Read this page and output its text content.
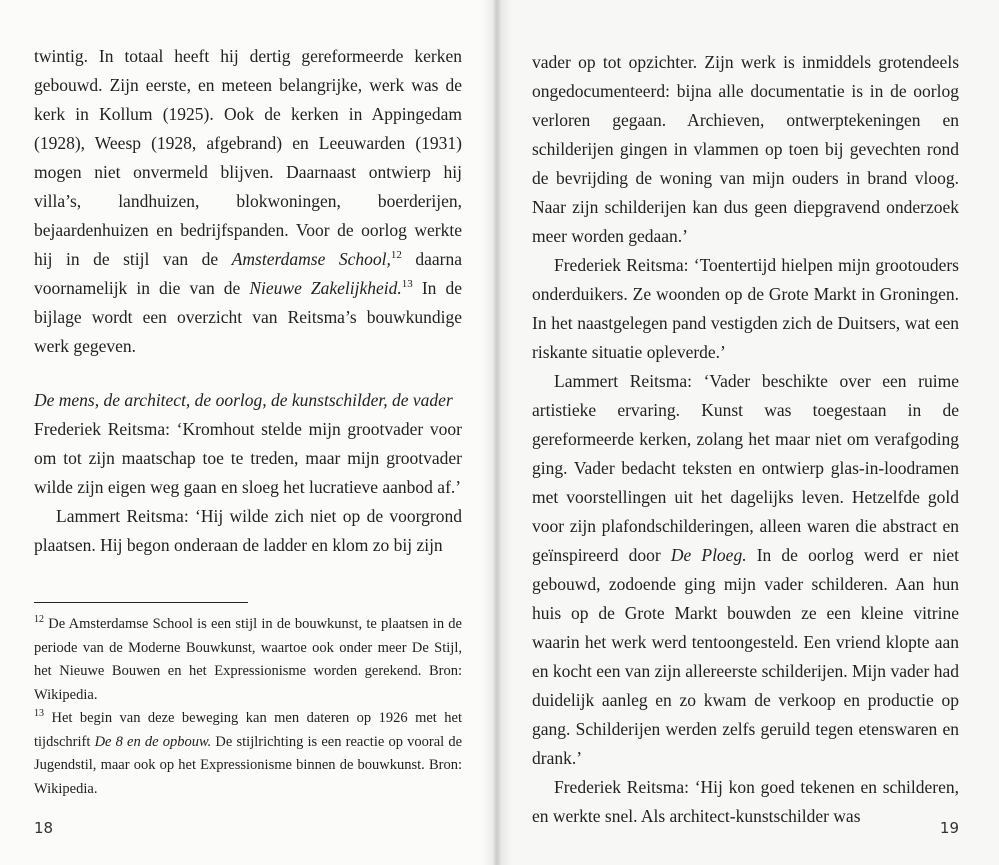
twintig. In totaal heeft hij dertig gereformeerde kerken gebouwd. Zijn eerste, en meteen belangrijke, werk was de kerk in Kollum (1925). Ook de kerken in Appingedam (1928), Weesp (1928, afgebrand) en Leeuwarden (1931) mogen niet onvermeld blijven. Daarnaast ontwierp hij villa’s, landhuizen, blokwoningen, boerderijen, bejaardenhuizen en bedrijfspanden. Voor de oorlog werkte hij in de stijl van de Amsterdamse School,$^{12}$ daarna voornamelijk in die van de Nieuwe Zakelijkheid.$^{13}$ In de bijlage wordt een overzicht van Reitsma’s bouwkundige werk gegeven.

De mens, de architect, de oorlog, de kunstschilder, de vader

Frederiek Reitsma: ‘Kromhout stelde mijn grootvader voor om tot zijn maatschap toe te treden, maar mijn grootvader wilde zijn eigen weg gaan en sloeg het lucratieve aanbod af.’

Lammert Reitsma: ‘Hij wilde zich niet op de voorgrond plaatsen. Hij begon onderaan de ladder en klom zo bij zijn

$^{12}$ De Amsterdamse School is een stijl in de bouwkunst, te plaatsen in de periode van de Moderne Bouwkunst, waartoe ook onder meer De Stijl, het Nieuwe Bouwen en het Expressionisme worden gerekend. Bron: Wikipedia.

$^{13}$ Het begin van deze beweging kan men dateren op 1926 met het tijdschrift De 8 en de opbouw. De stijlrichting is een reactie op vooral de Jugendstil, maar ook op het Expressionisme binnen de bouwkunst. Bron: Wikipedia.

18

vader op tot opzichter. Zijn werk is inmiddels grotendeels ongedocumenteerd: bijna alle documentatie is in de oorlog verloren gegaan. Archieven, ontwerptekeningen en schilderijen gingen in vlammen op toen bij gevechten rond de bevrijding de woning van mijn ouders in brand vloog. Naar zijn schilderijen kan dus geen diepgravend onderzoek meer worden gedaan.’

Frederiek Reitsma: ‘Toentertijd hielpen mijn grootouders onderduikers. Ze woonden op de Grote Markt in Groningen. In het naastgelegen pand vestigden zich de Duitsers, wat een riskante situatie opleverde.’

Lammert Reitsma: ‘Vader beschikte over een ruime artistieke ervaring. Kunst was toegestaan in de gereformeerde kerken, zolang het maar niet om verafgoding ging. Vader bedacht teksten en ontwierp glas-in-loodramen met voorstellingen uit het dagelijks leven. Hetzelfde gold voor zijn plafondschilderingen, alleen waren die abstract en geïnspireerd door De Ploeg. In de oorlog werd er niet gebouwd, zodoende ging mijn vader schilderen. Aan hun huis op de Grote Markt bouwden ze een kleine vitrine waarin het werk werd tentoongesteld. Een vriend klopte aan en kocht een van zijn allereerste schilderijen. Mijn vader had duidelijk aanleg en zo kwam de verkoop en productie op gang. Schilderijen werden zelfs geruild tegen etenswaren en drank.’

Frederiek Reitsma: ‘Hij kon goed tekenen en schilderen, en werkte snel. Als architect-kunstschilder was

19
